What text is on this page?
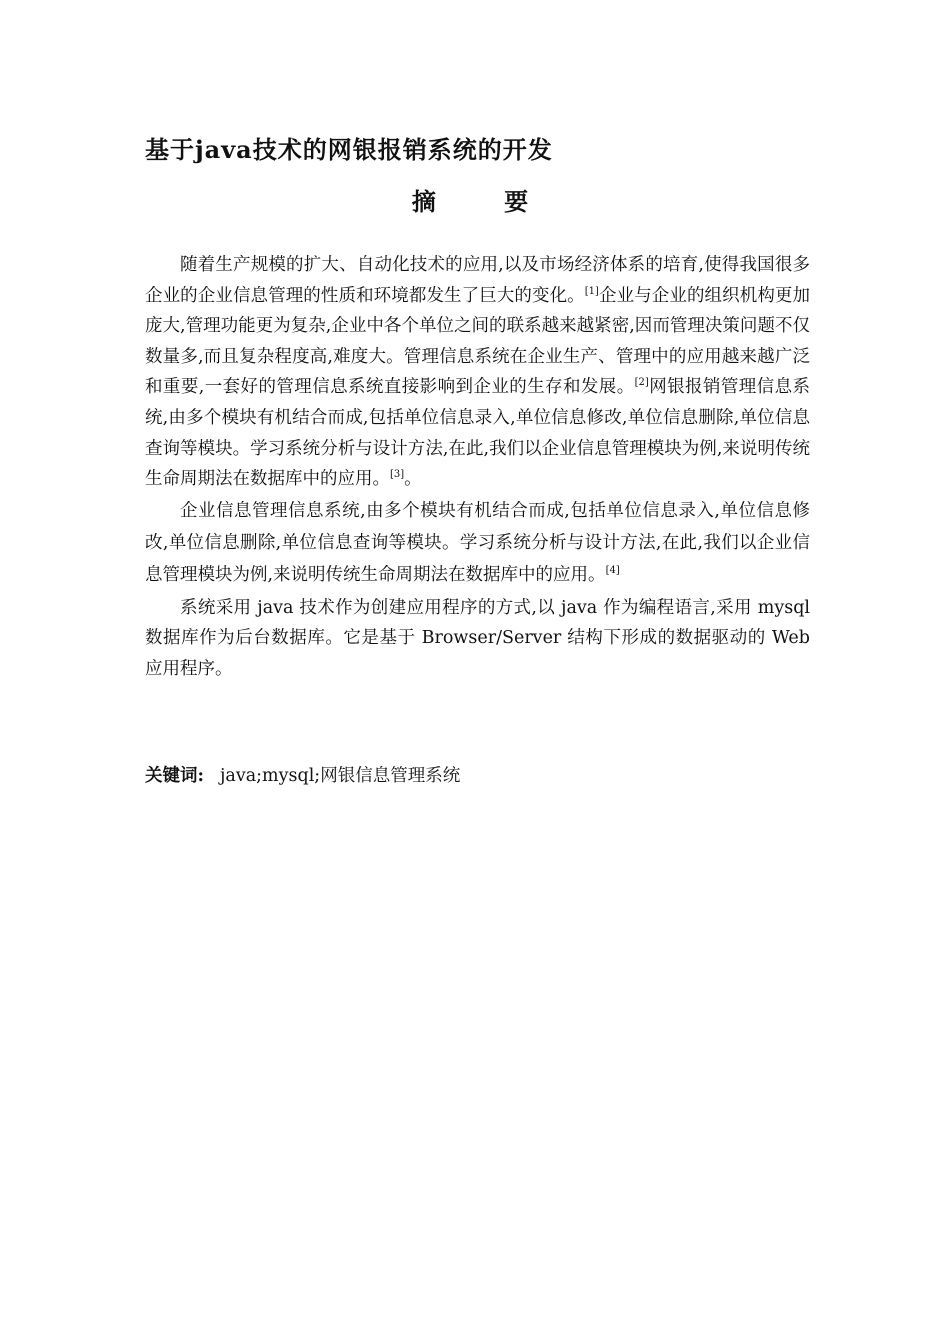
基于java技术的网银报销系统的开发
摘 要

随着生产规模的扩大、自动化技术的应用,以及市场经济体系的培育,使得我国很多企业的企业信息管理的性质和环境都发生了巨大的变化。[1]企业与企业的组织机构更加庞大,管理功能更为复杂,企业中各个单位之间的联系越来越紧密,因而管理决策问题不仅数量多,而且复杂程度高,难度大。管理信息系统在企业生产、管理中的应用越来越广泛和重要,一套好的管理信息系统直接影响到企业的生存和发展。[2]网银报销管理信息系统,由多个模块有机结合而成,包括单位信息录入,单位信息修改,单位信息删除,单位信息查询等模块。学习系统分析与设计方法,在此,我们以企业信息管理模块为例,来说明传统生命周期法在数据库中的应用。[3]。

企业信息管理信息系统,由多个模块有机结合而成,包括单位信息录入,单位信息修改,单位信息删除,单位信息查询等模块。学习系统分析与设计方法,在此,我们以企业信息管理模块为例,来说明传统生命周期法在数据库中的应用。[4]

系统采用 java 技术作为创建应用程序的方式,以 java 作为编程语言,采用 mysql 数据库作为后台数据库。它是基于 Browser/Server 结构下形成的数据驱动的 Web 应用程序。

关键词: java;mysql;网银信息管理系统
